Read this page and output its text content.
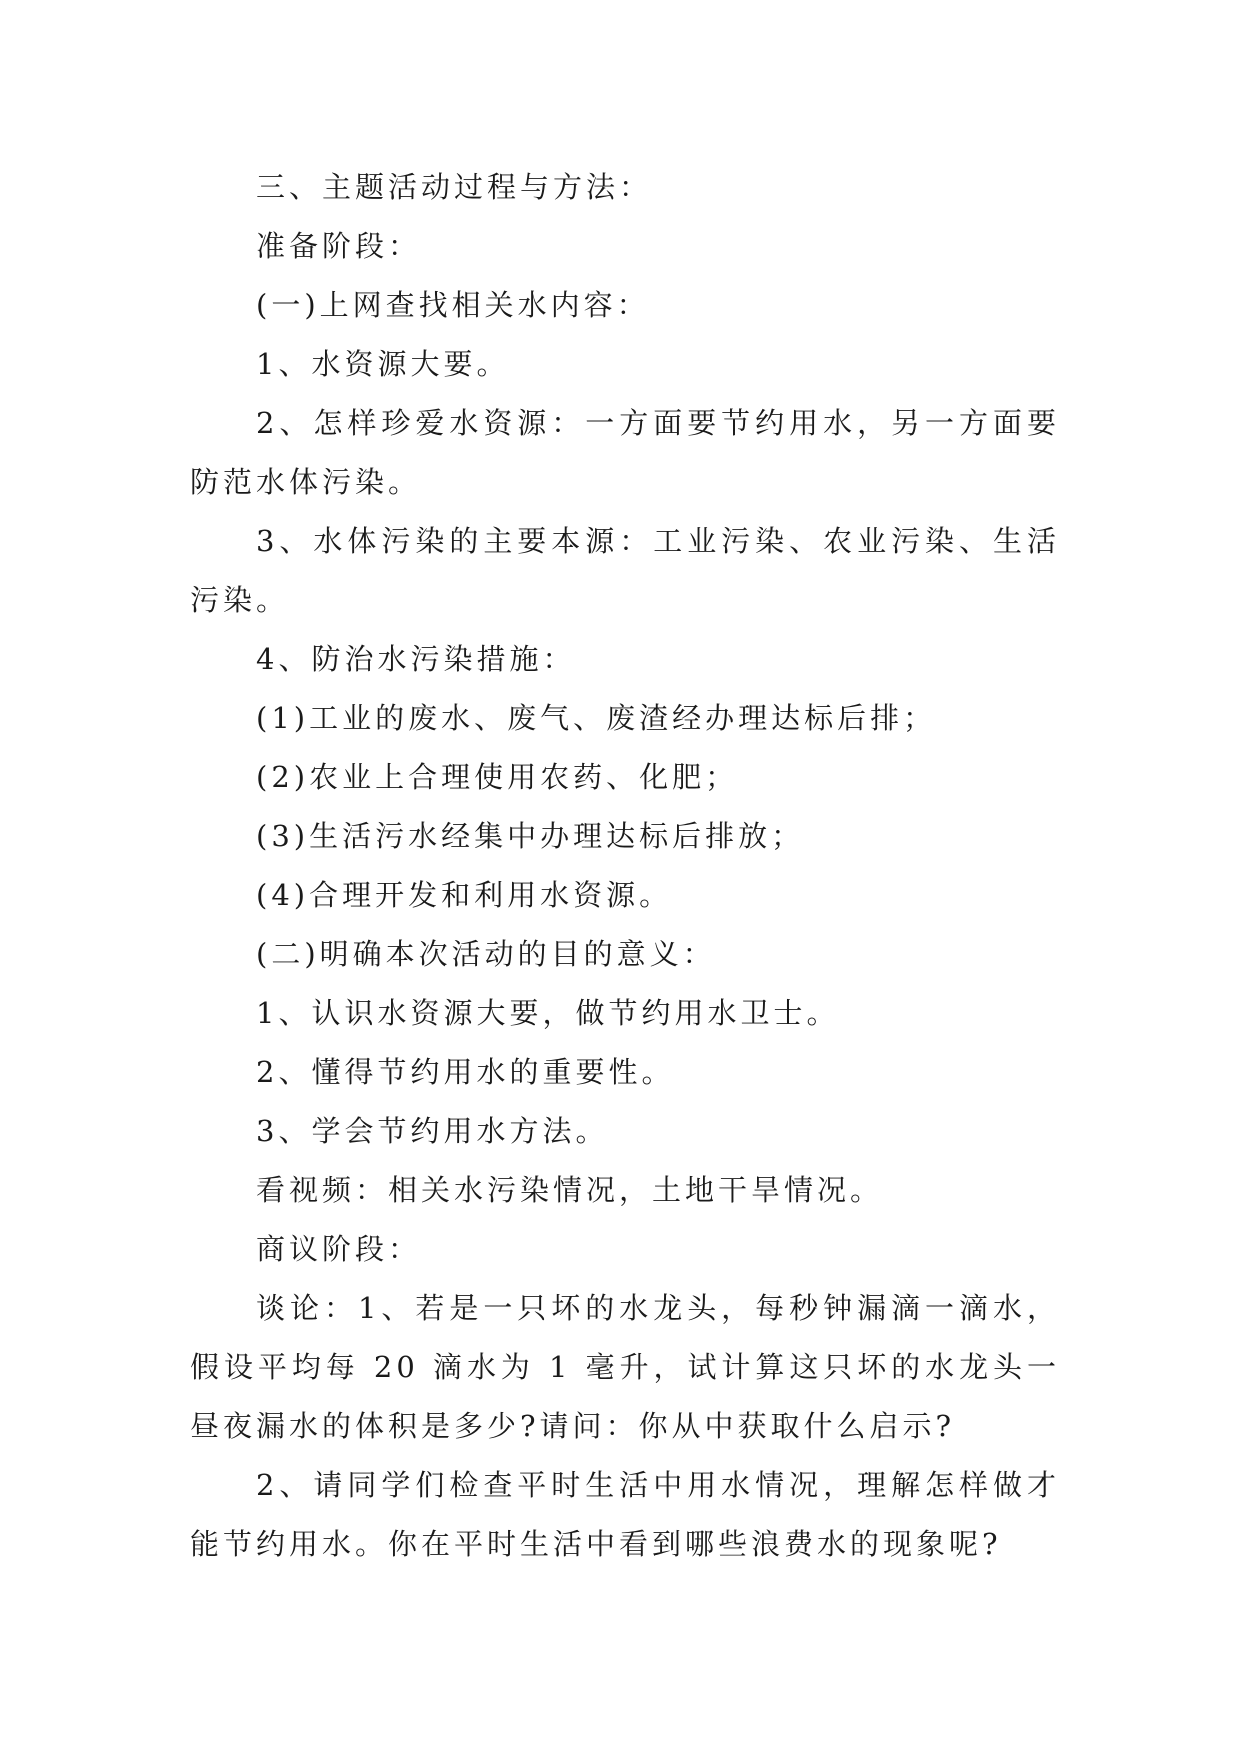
三、主题活动过程与方法：

准备阶段：

(一)上网查找相关水内容：

1、水资源大要。

2、怎样珍爱水资源：一方面要节约用水，另一方面要防范水体污染。

3、水体污染的主要本源：工业污染、农业污染、生活污染。

4、防治水污染措施：

(1)工业的废水、废气、废渣经办理达标后排；

(2)农业上合理使用农药、化肥；

(3)生活污水经集中办理达标后排放；

(4)合理开发和利用水资源。

(二)明确本次活动的目的意义：

1、认识水资源大要，做节约用水卫士。

2、懂得节约用水的重要性。

3、学会节约用水方法。

看视频：相关水污染情况，土地干旱情况。

商议阶段：

谈论：1、若是一只坏的水龙头，每秒钟漏滴一滴水，假设平均每 20 滴水为 1 毫升，试计算这只坏的水龙头一昼夜漏水的体积是多少?请问：你从中获取什么启示?

2、请同学们检查平时生活中用水情况，理解怎样做才能节约用水。你在平时生活中看到哪些浪费水的现象呢?
